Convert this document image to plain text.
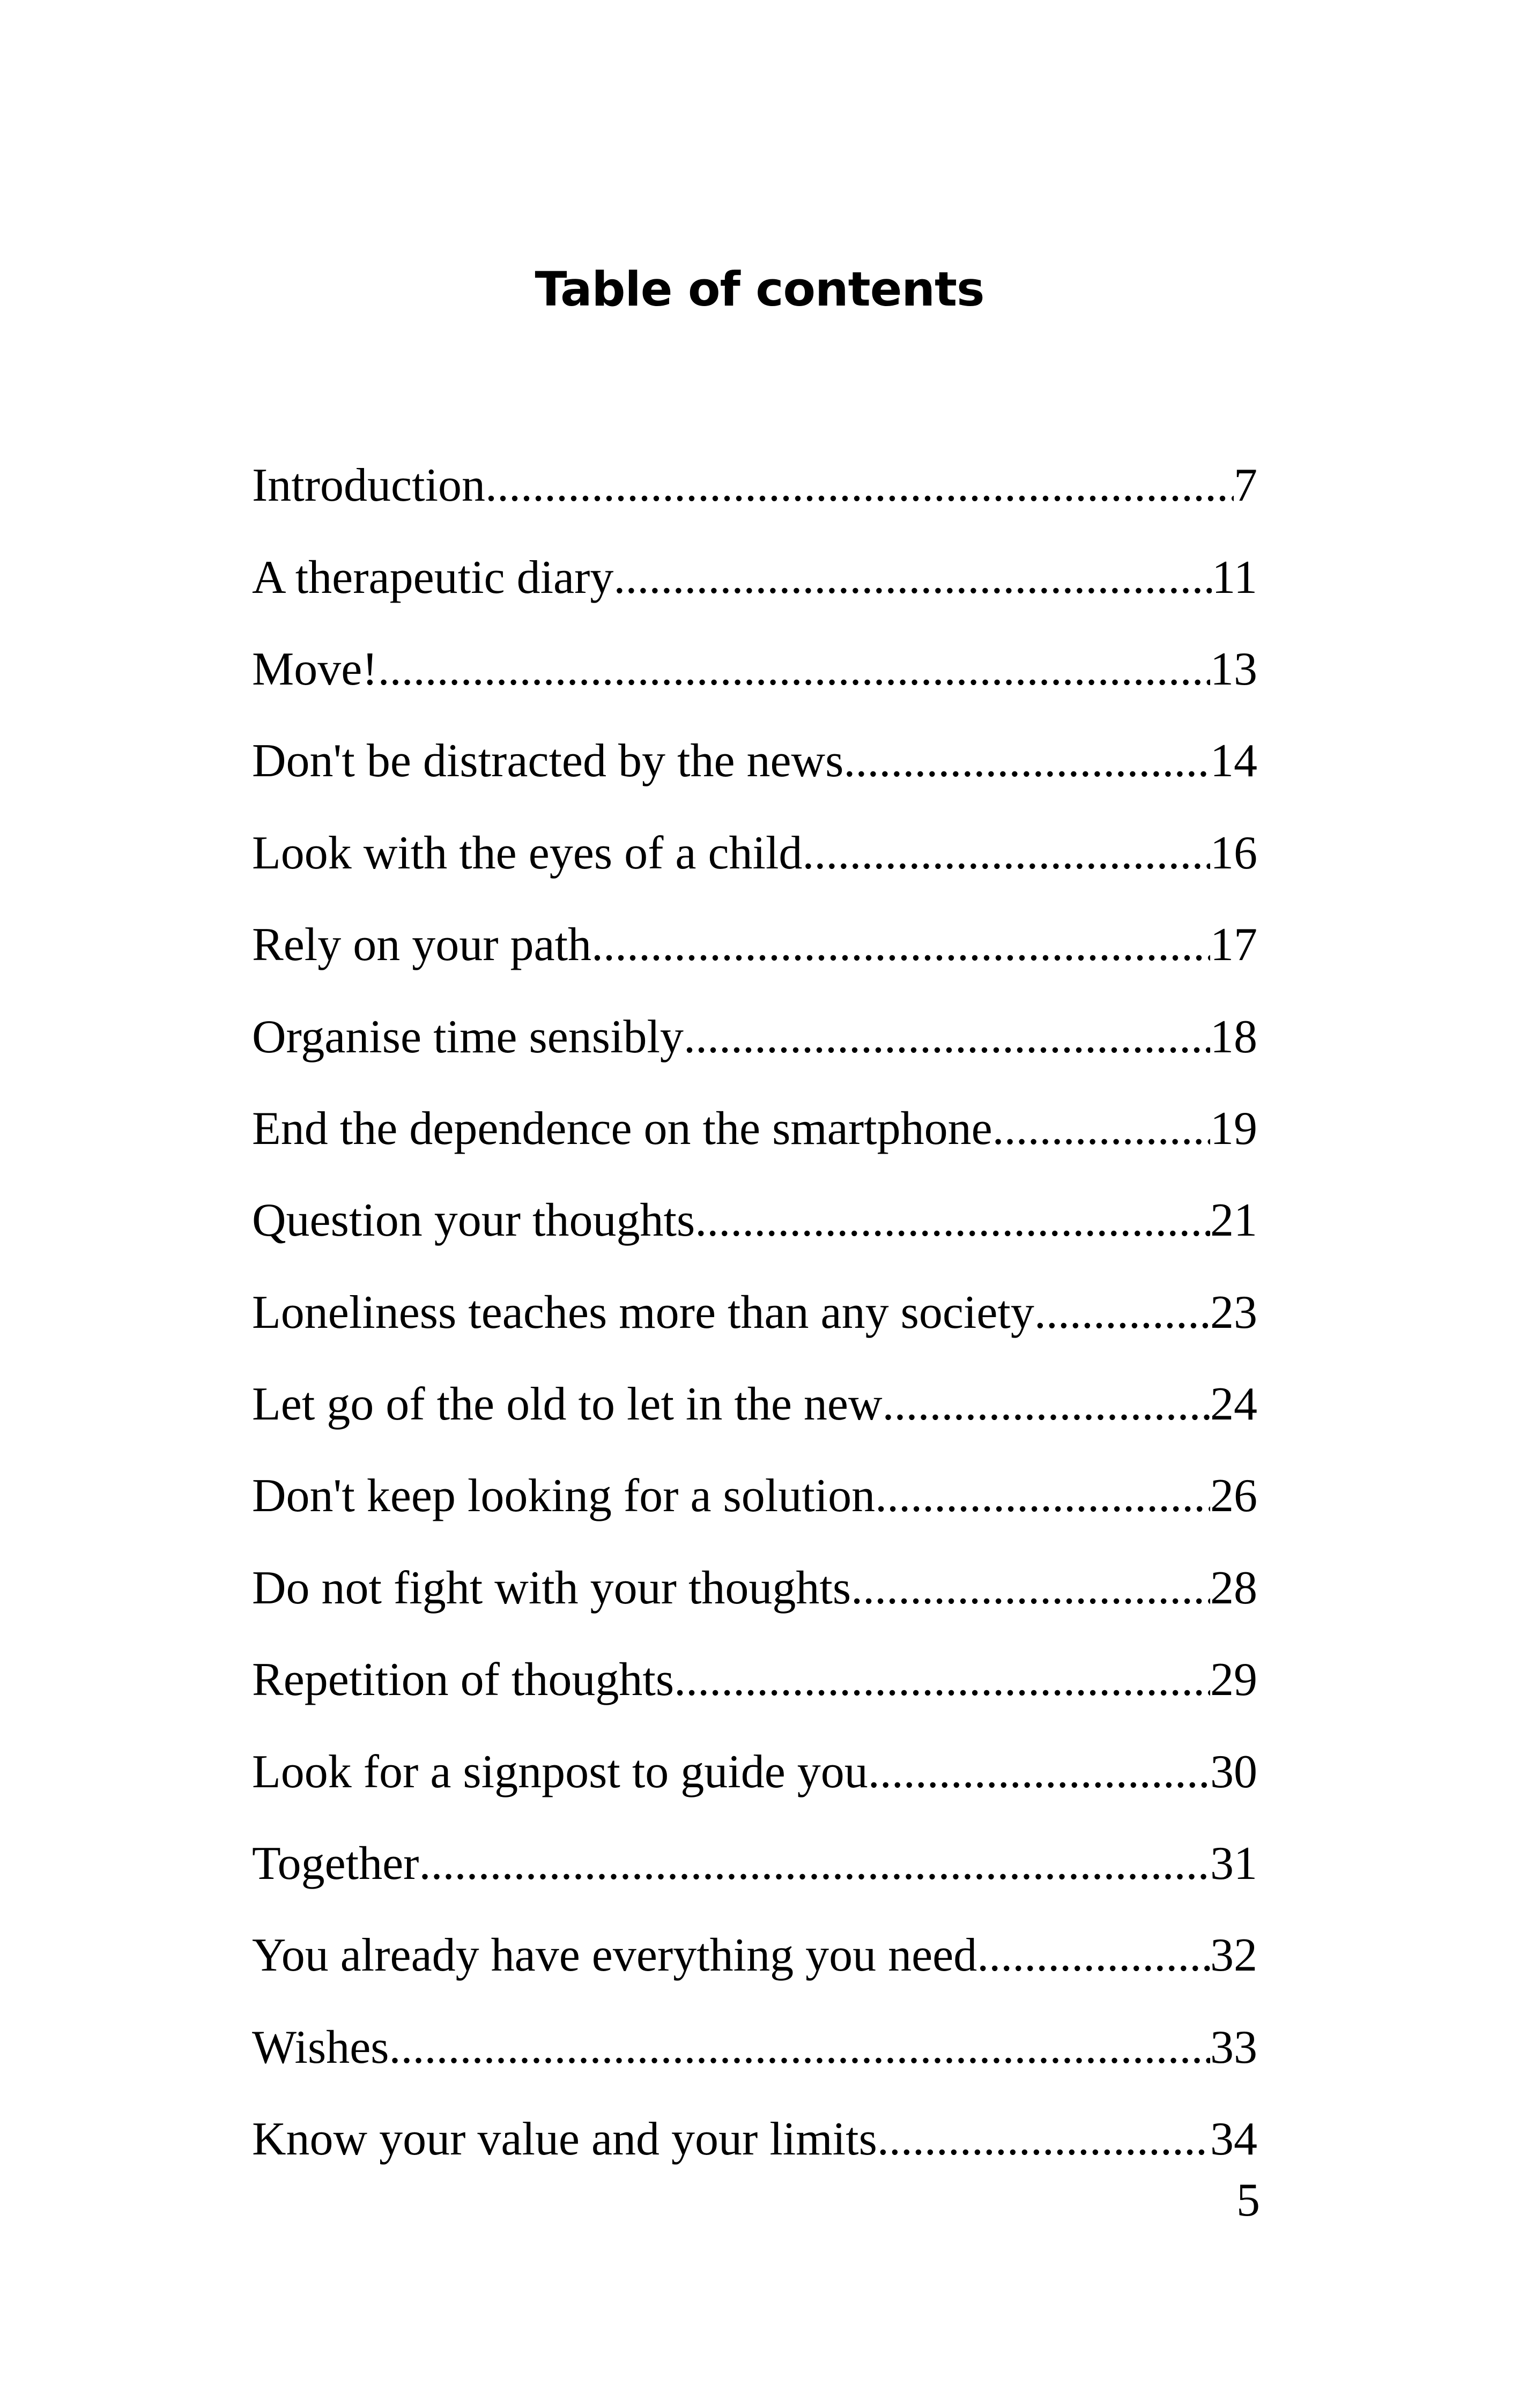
Table of contents
Introduction .....	7
A therapeutic diary .....	11
Move! .....	13
Don't be distracted by the news .....	14
Look with the eyes of a child .....	16
Rely on your path .....	17
Organise time sensibly .....	18
End the dependence on the smartphone .....	19
Question your thoughts .....	21
Loneliness teaches more than any society .....	23
Let go of the old to let in the new .....	24
Don't keep looking for a solution .....	26
Do not fight with your thoughts .....	28
Repetition of thoughts .....	29
Look for a signpost to guide you .....	30
Together .....	31
You already have everything you need .....	32
Wishes .....	33
Know your value and your limits .....	34
5
